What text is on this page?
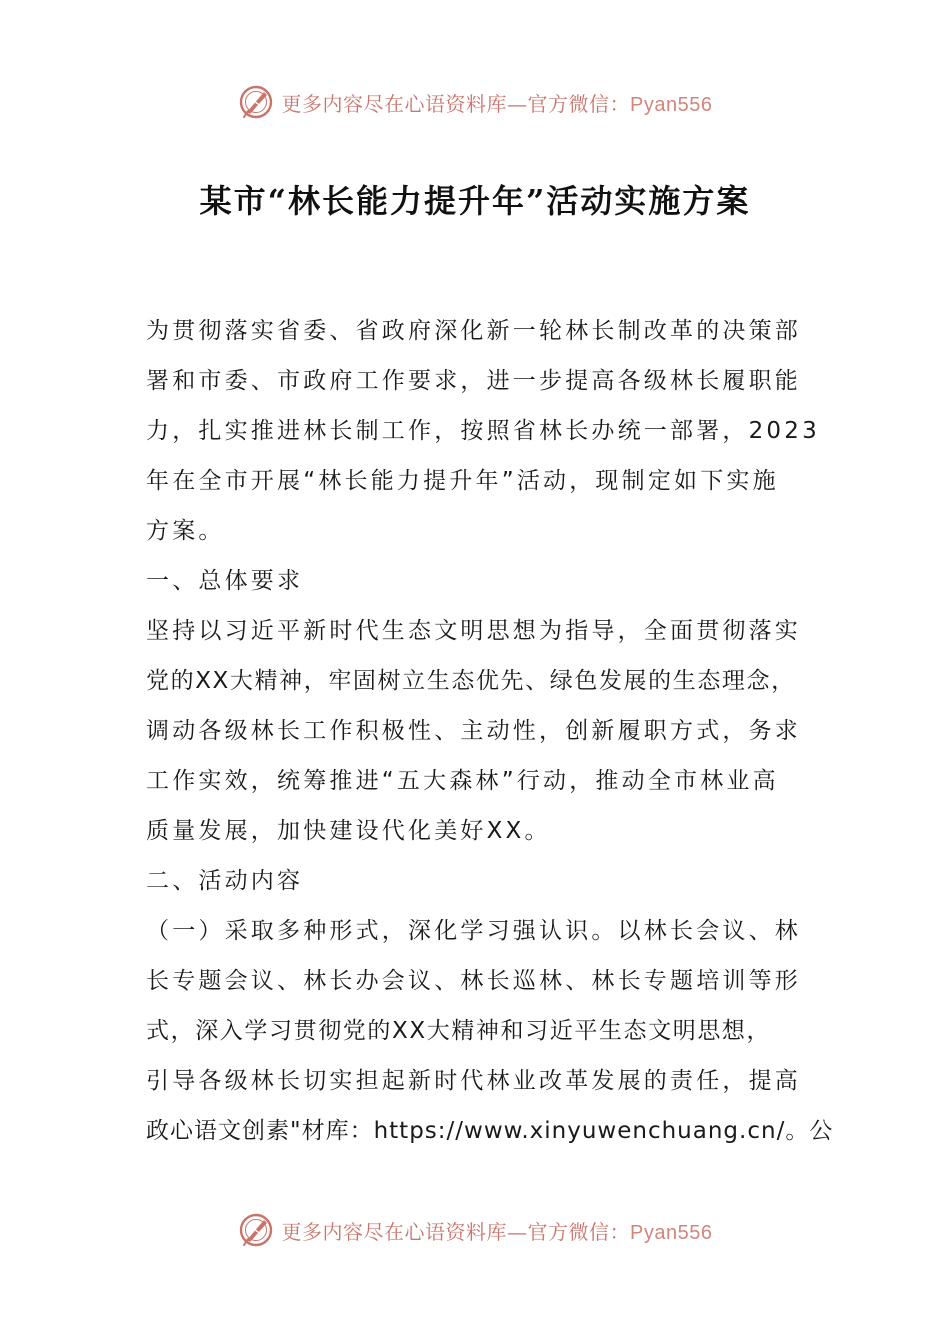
更多内容尽在心语资料库—官方微信：Pyan556
某市“林长能力提升年”活动实施方案
为贯彻落实省委、省政府深化新一轮林长制改革的决策部
署和市委、市政府工作要求，进一步提高各级林长履职能
力，扎实推进林长制工作，按照省林长办统一部署，2023
年在全市开展“林长能力提升年”活动，现制定如下实施
方案。
一、总体要求
坚持以习近平新时代生态文明思想为指导，全面贯彻落实
党的XX大精神，牢固树立生态优先、绿色发展的生态理念，
调动各级林长工作积极性、主动性，创新履职方式，务求
工作实效，统筹推进“五大森林”行动，推动全市林业高
质量发展，加快建设代化美好XX。
二、活动内容
（一）采取多种形式，深化学习强认识。以林长会议、林
长专题会议、林长办会议、林长巡林、林长专题培训等形
式，深入学习贯彻党的XX大精神和习近平生态文明思想，
引导各级林长切实担起新时代林业改革发展的责任，提高
政心语文创素"材库：https://www.xinyuwenchuang.cn/。公
更多内容尽在心语资料库—官方微信：Pyan556
